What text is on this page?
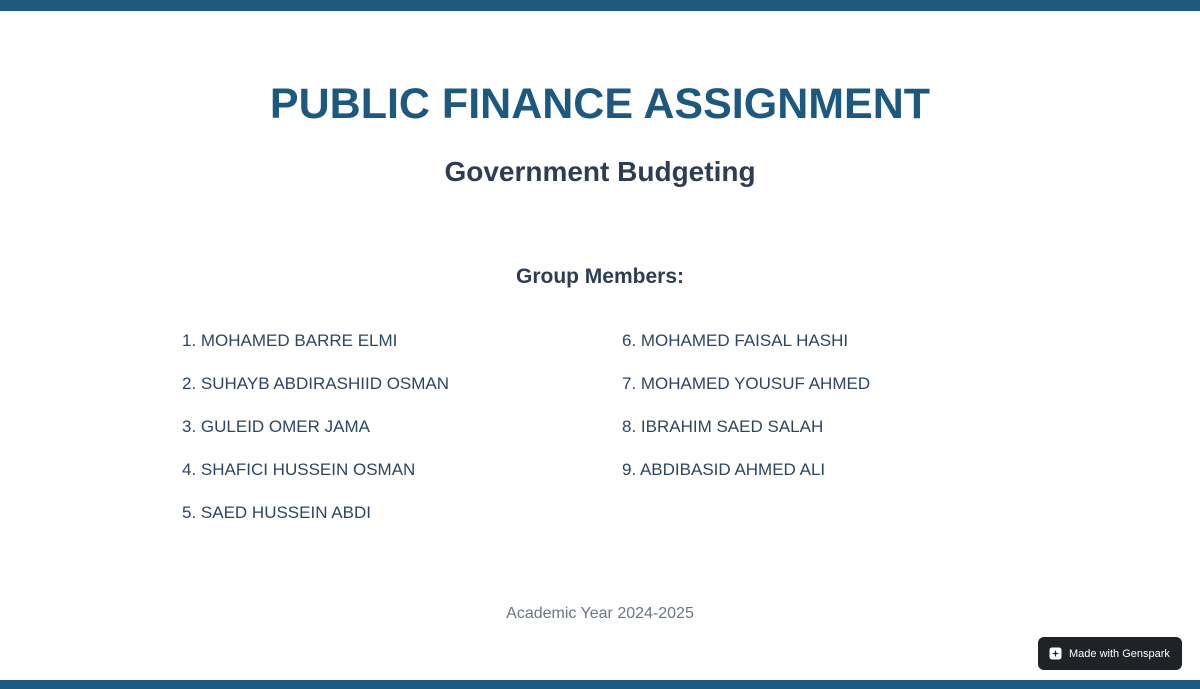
PUBLIC FINANCE ASSIGNMENT
Government Budgeting
Group Members:
1. MOHAMED BARRE ELMI
2. SUHAYB ABDIRASHIID OSMAN
3. GULEID OMER JAMA
4. SHAFICI HUSSEIN OSMAN
5. SAED HUSSEIN ABDI
6. MOHAMED FAISAL HASHI
7. MOHAMED YOUSUF AHMED
8. IBRAHIM SAED SALAH
9. ABDIBASID AHMED ALI
Academic Year 2024-2025
Made with Genspark
